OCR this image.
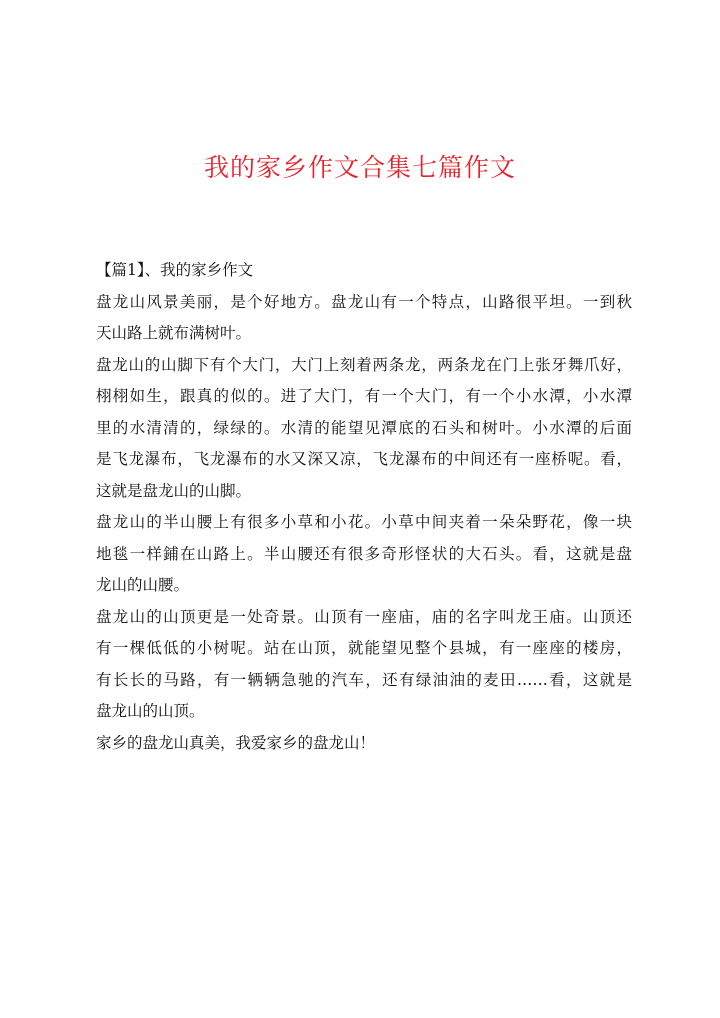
我的家乡作文合集七篇作文
【篇1】、我的家乡作文
盘龙山风景美丽，是个好地方。盘龙山有一个特点，山路很平坦。一到秋
天山路上就布满树叶。
盘龙山的山脚下有个大门，大门上刻着两条龙，两条龙在门上张牙舞爪好，
栩栩如生，跟真的似的。进了大门，有一个大门，有一个小水潭，小水潭
里的水清清的，绿绿的。水清的能望见潭底的石头和树叶。小水潭的后面
是飞龙瀑布，飞龙瀑布的水又深又凉，飞龙瀑布的中间还有一座桥呢。看，
这就是盘龙山的山脚。
盘龙山的半山腰上有很多小草和小花。小草中间夹着一朵朵野花，像一块
地毯一样鋪在山路上。半山腰还有很多奇形怪状的大石头。看，这就是盘
龙山的山腰。
盘龙山的山顶更是一处奇景。山顶有一座庙，庙的名字叫龙王庙。山顶还
有一棵低低的小树呢。站在山顶，就能望见整个县城，有一座座的楼房，
有长长的马路，有一辆辆急驰的汽车，还有绿油油的麦田……看，这就是
盘龙山的山顶。
家乡的盘龙山真美，我爱家乡的盘龙山！
